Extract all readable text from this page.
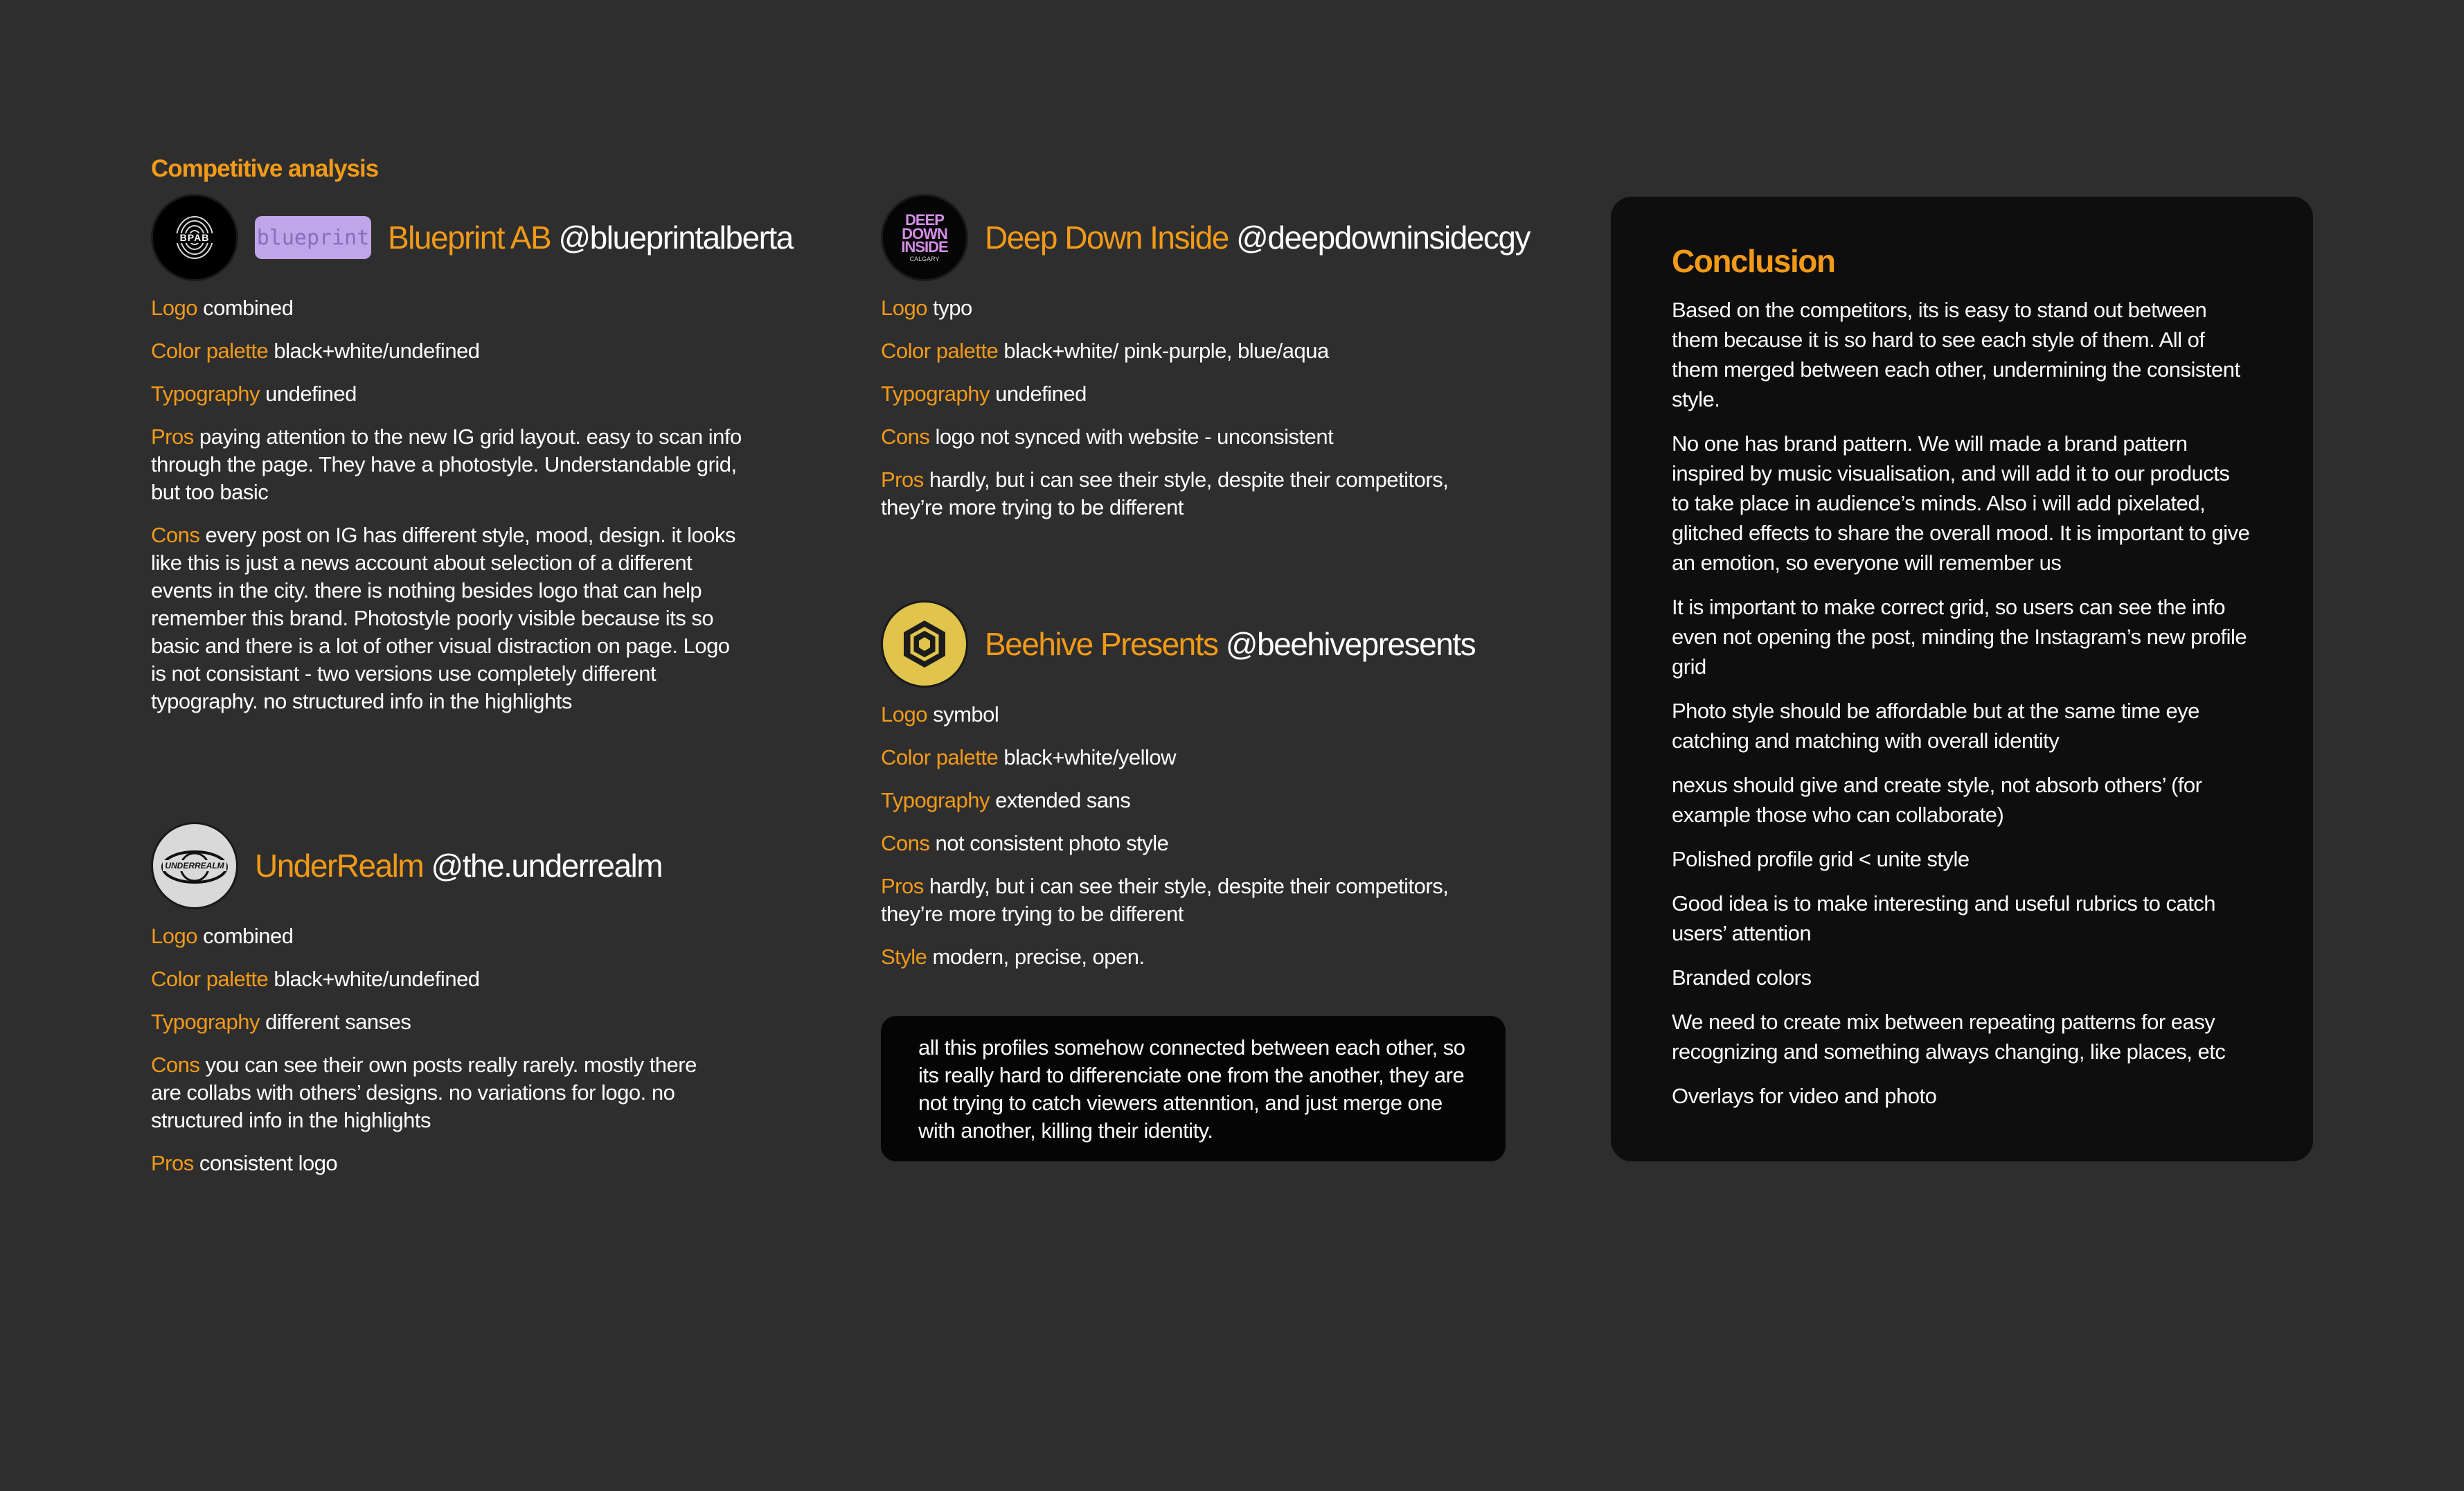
Competitive analysis
BPAB blueprint Blueprint AB @blueprintalberta
Logo combined
Color palette black+white/undefined
Typography undefined
Pros paying attention to the new IG grid layout. easy to scan info through the page. They have a photostyle. Understandable grid, but too basic
Cons every post on IG has different style, mood, design. it looks like this is just a news account about selection of a different events in the city. there is nothing besides logo that can help remember this brand. Photostyle poorly visible because its so basic and there is a lot of other visual distraction on page. Logo is not consistant - two versions use completely different typography. no structured info in the highlights
UNDERREALM UnderRealm @the.underrealm
Logo combined
Color palette black+white/undefined
Typography different sanses
Cons you can see their own posts really rarely. mostly there are collabs with others’ designs. no variations for logo. no structured info in the highlights
Pros consistent logo
DEEP
DOWN
INSIDE
CALGARY
Deep Down Inside @deepdowninsidecgy
Logo typo
Color palette black+white/ pink-purple, blue/aqua
Typography undefined
Cons logo not synced with website - unconsistent
Pros hardly, but i can see their style, despite their competitors, they’re more trying to be different
Beehive Presents @beehivepresents
Logo symbol
Color palette black+white/yellow
Typography extended sans
Cons not consistent photo style
Pros hardly, but i can see their style, despite their competitors, they’re more trying to be different
Style modern, precise, open.
all this profiles somehow connected between each other, so its really hard to differenciate one from the another, they are not trying to catch viewers attenntion, and just merge one with another, killing their identity.
Conclusion

Based on the competitors, its is easy to stand out between them because it is so hard to see each style of them. All of them merged between each other, undermining the consistent style.

No one has brand pattern. We will made a brand pattern inspired by music visualisation, and will add it to our products to take place in audience’s minds. Also i will add pixelated, glitched effects to share the overall mood. It is important to give an emotion, so everyone will remember us

It is important to make correct grid, so users can see the info even not opening the post, minding the Instagram’s new profile grid

Photo style should be affordable but at the same time eye catching and matching with overall identity

nexus should give and create style, not absorb others’ (for example those who can collaborate)

Polished profile grid < unite style

Good idea is to make interesting and useful rubrics to catch users’ attention

Branded colors

We need to create mix between repeating patterns for easy recognizing and something always changing, like places, etc

Overlays for video and photo
